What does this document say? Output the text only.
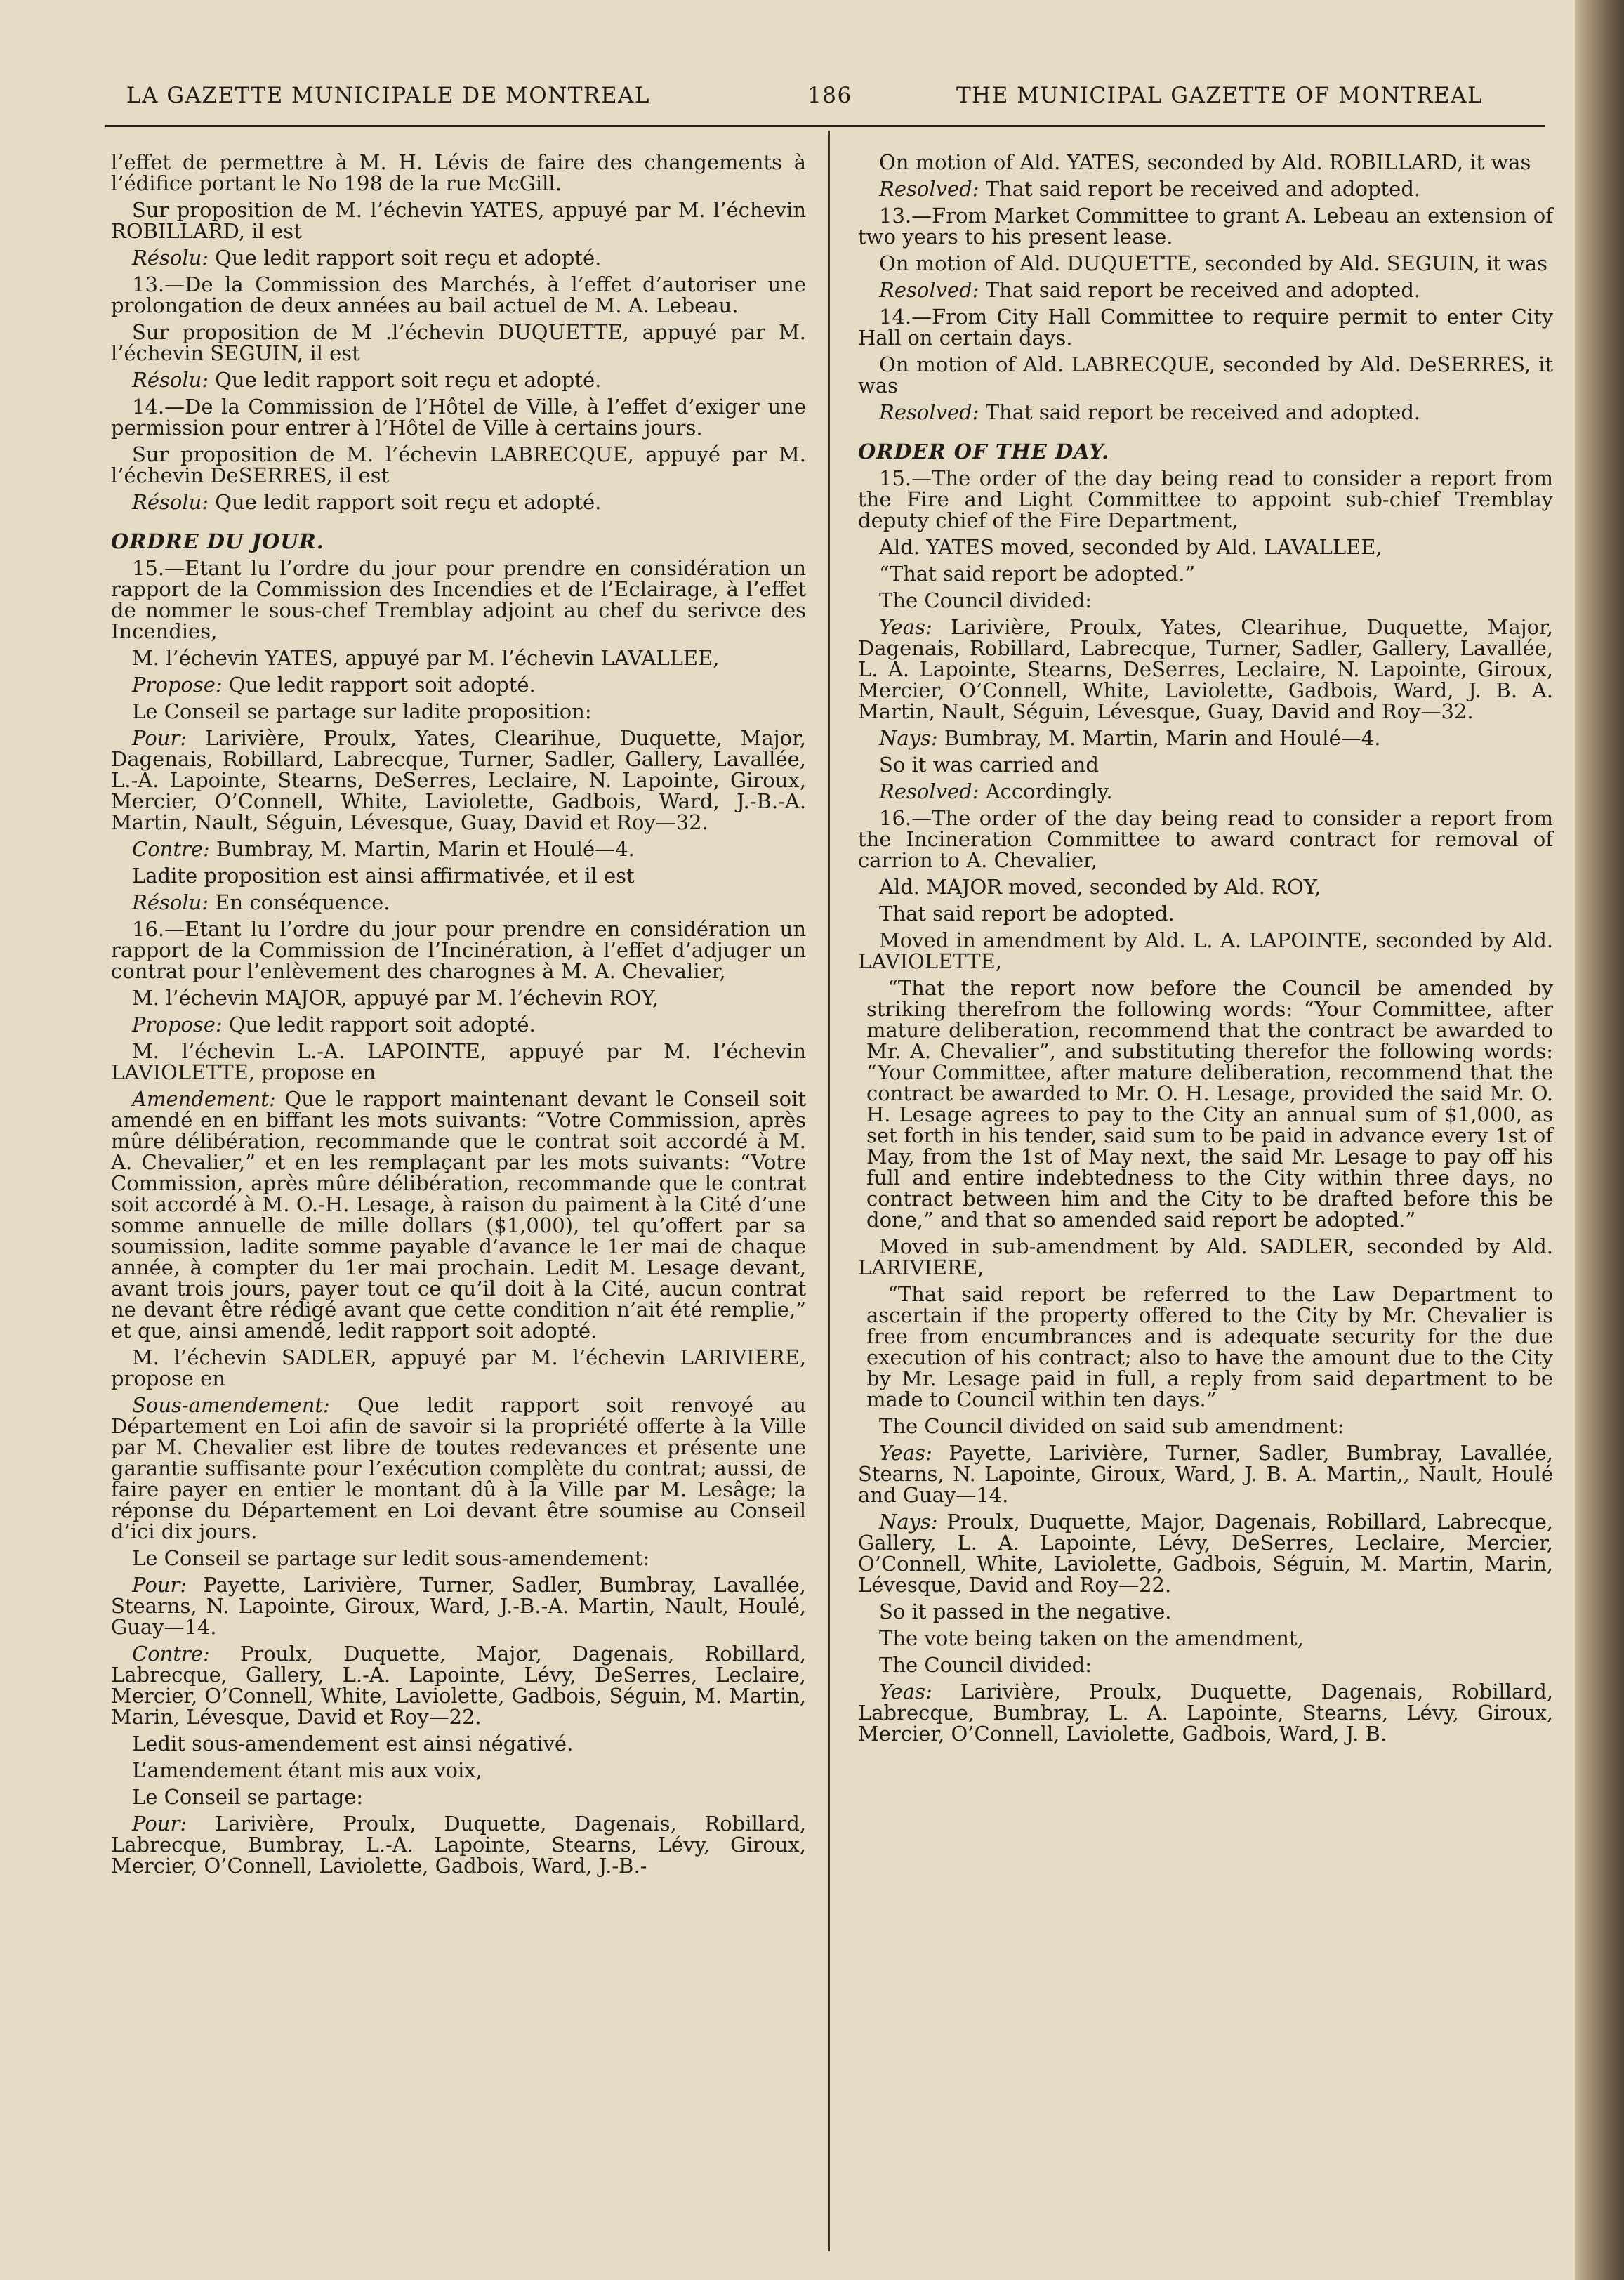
LA GAZETTE MUNICIPALE DE MONTREAL	186	THE MUNICIPAL GAZETTE OF MONTREAL

l’effet de permettre à M. H. Lévis de faire des changements à l’édifice portant le No 198 de la rue McGill.

Sur proposition de M. l’échevin YATES, appuyé par M. l’échevin ROBILLARD, il est

Résolu: Que ledit rapport soit reçu et adopté.

13.—De la Commission des Marchés, à l’effet d’autoriser une prolongation de deux années au bail actuel de M. A. Lebeau.

Sur proposition de M .l’échevin DUQUETTE, appuyé par M. l’échevin SEGUIN, il est

Résolu: Que ledit rapport soit reçu et adopté.

14.—De la Commission de l’Hôtel de Ville, à l’effet d’exiger une permission pour entrer à l’Hôtel de Ville à certains jours.

Sur proposition de M. l’échevin LABRECQUE, appuyé par M. l’échevin DeSERRES, il est

Résolu: Que ledit rapport soit reçu et adopté.

ORDRE DU JOUR.

15.—Etant lu l’ordre du jour pour prendre en considération un rapport de la Commission des Incendies et de l’Eclairage, à l’effet de nommer le sous-chef Tremblay adjoint au chef du serivce des Incendies,

M. l’échevin YATES, appuyé par M. l’échevin LAVALLEE,

Propose: Que ledit rapport soit adopté.

Le Conseil se partage sur ladite proposition:

Pour: Larivière, Proulx, Yates, Clearihue, Duquette, Major, Dagenais, Robillard, Labrecque, Turner, Sadler, Gallery, Lavallée, L.-A. Lapointe, Stearns, DeSerres, Leclaire, N. Lapointe, Giroux, Mercier, O’Connell, White, Laviolette, Gadbois, Ward, J.-B.-A. Martin, Nault, Séguin, Lévesque, Guay, David et Roy—32.

Contre: Bumbray, M. Martin, Marin et Houlé—4.

Ladite proposition est ainsi affirmativée, et il est

Résolu: En conséquence.

16.—Etant lu l’ordre du jour pour prendre en considération un rapport de la Commission de l’Incinération, à l’effet d’adjuger un contrat pour l’enlèvement des charognes à M. A. Chevalier,

M. l’échevin MAJOR, appuyé par M. l’échevin ROY,

Propose: Que ledit rapport soit adopté.

M. l’échevin L.-A. LAPOINTE, appuyé par M. l’échevin LAVIOLETTE, propose en

Amendement: Que le rapport maintenant devant le Conseil soit amendé en en biffant les mots suivants: “Votre Commission, après mûre délibération, recommande que le contrat soit accordé à M. A. Chevalier,” et en les remplaçant par les mots suivants: “Votre Commission, après mûre délibération, recommande que le contrat soit accordé à M. O.-H. Lesage, à raison du paiment à la Cité d’une somme annuelle de mille dollars ($1,000), tel qu’offert par sa soumission, ladite somme payable d’avance le 1er mai de chaque année, à compter du 1er mai prochain. Ledit M. Lesage devant, avant trois jours, payer tout ce qu’il doit à la Cité, aucun contrat ne devant être rédigé avant que cette condition n’ait été remplie,” et que, ainsi amendé, ledit rapport soit adopté.

M. l’échevin SADLER, appuyé par M. l’échevin LARIVIERE, propose en

Sous-amendement: Que ledit rapport soit renvoyé au Département en Loi afin de savoir si la propriété offerte à la Ville par M. Chevalier est libre de toutes redevances et présente une garantie suffisante pour l’exécution complète du contrat; aussi, de faire payer en entier le montant dû à la Ville par M. Lesâge; la réponse du Département en Loi devant être soumise au Conseil d’ici dix jours.

Le Conseil se partage sur ledit sous-amendement:

Pour: Payette, Larivière, Turner, Sadler, Bumbray, Lavallée, Stearns, N. Lapointe, Giroux, Ward, J.-B.-A. Martin, Nault, Houlé, Guay—14.

Contre: Proulx, Duquette, Major, Dagenais, Robillard, Labrecque, Gallery, L.-A. Lapointe, Lévy, DeSerres, Leclaire, Mercier, O’Connell, White, Laviolette, Gadbois, Séguin, M. Martin, Marin, Lévesque, David et Roy—22.

Ledit sous-amendement est ainsi négativé.

L’amendement étant mis aux voix,

Le Conseil se partage:

Pour: Larivière, Proulx, Duquette, Dagenais, Robillard, Labrecque, Bumbray, L.-A. Lapointe, Stearns, Lévy, Giroux, Mercier, O’Connell, Laviolette, Gadbois, Ward, J.-B.-

On motion of Ald. YATES, seconded by Ald. ROBILLARD, it was

Resolved: That said report be received and adopted.

13.—From Market Committee to grant A. Lebeau an extension of two years to his present lease.

On motion of Ald. DUQUETTE, seconded by Ald. SEGUIN, it was

Resolved: That said report be received and adopted.

14.—From City Hall Committee to require permit to enter City Hall on certain days.

On motion of Ald. LABRECQUE, seconded by Ald. DeSERRES, it was

Resolved: That said report be received and adopted.

ORDER OF THE DAY.

15.—The order of the day being read to consider a report from the Fire and Light Committee to appoint sub-chief Tremblay deputy chief of the Fire Department,

Ald. YATES moved, seconded by Ald. LAVALLEE,

“That said report be adopted.”

The Council divided:

Yeas: Larivière, Proulx, Yates, Clearihue, Duquette, Major, Dagenais, Robillard, Labrecque, Turner, Sadler, Gallery, Lavallée, L. A. Lapointe, Stearns, DeSerres, Leclaire, N. Lapointe, Giroux, Mercier, O’Connell, White, Laviolette, Gadbois, Ward, J. B. A. Martin, Nault, Séguin, Lévesque, Guay, David and Roy—32.

Nays: Bumbray, M. Martin, Marin and Houlé—4.

So it was carried and

Resolved: Accordingly.

16.—The order of the day being read to consider a report from the Incineration Committee to award contract for removal of carrion to A. Chevalier,

Ald. MAJOR moved, seconded by Ald. ROY,

That said report be adopted.

Moved in amendment by Ald. L. A. LAPOINTE, seconded by Ald. LAVIOLETTE,

“That the report now before the Council be amended by striking therefrom the following words: “Your Committee, after mature deliberation, recommend that the contract be awarded to Mr. A. Chevalier”, and substituting therefor the following words: “Your Committee, after mature deliberation, recommend that the contract be awarded to Mr. O. H. Lesage, provided the said Mr. O. H. Lesage agrees to pay to the City an annual sum of $1,000, as set forth in his tender, said sum to be paid in advance every 1st of May, from the 1st of May next, the said Mr. Lesage to pay off his full and entire indebtedness to the City within three days, no contract between him and the City to be drafted before this be done,” and that so amended said report be adopted.”

Moved in sub-amendment by Ald. SADLER, seconded by Ald. LARIVIERE,

“That said report be referred to the Law Department to ascertain if the property offered to the City by Mr. Chevalier is free from encumbrances and is adequate security for the due execution of his contract; also to have the amount due to the City by Mr. Lesage paid in full, a reply from said department to be made to Council within ten days.”

The Council divided on said sub amendment:

Yeas: Payette, Larivière, Turner, Sadler, Bumbray, Lavallée, Stearns, N. Lapointe, Giroux, Ward, J. B. A. Martin,, Nault, Houlé and Guay—14.

Nays: Proulx, Duquette, Major, Dagenais, Robillard, Labrecque, Gallery, L. A. Lapointe, Lévy, DeSerres, Leclaire, Mercier, O’Connell, White, Laviolette, Gadbois, Séguin, M. Martin, Marin, Lévesque, David and Roy—22.

So it passed in the negative.

The vote being taken on the amendment,

The Council divided:

Yeas: Larivière, Proulx, Duquette, Dagenais, Robillard, Labrecque, Bumbray, L. A. Lapointe, Stearns, Lévy, Giroux, Mercier, O’Connell, Laviolette, Gadbois, Ward, J. B.
